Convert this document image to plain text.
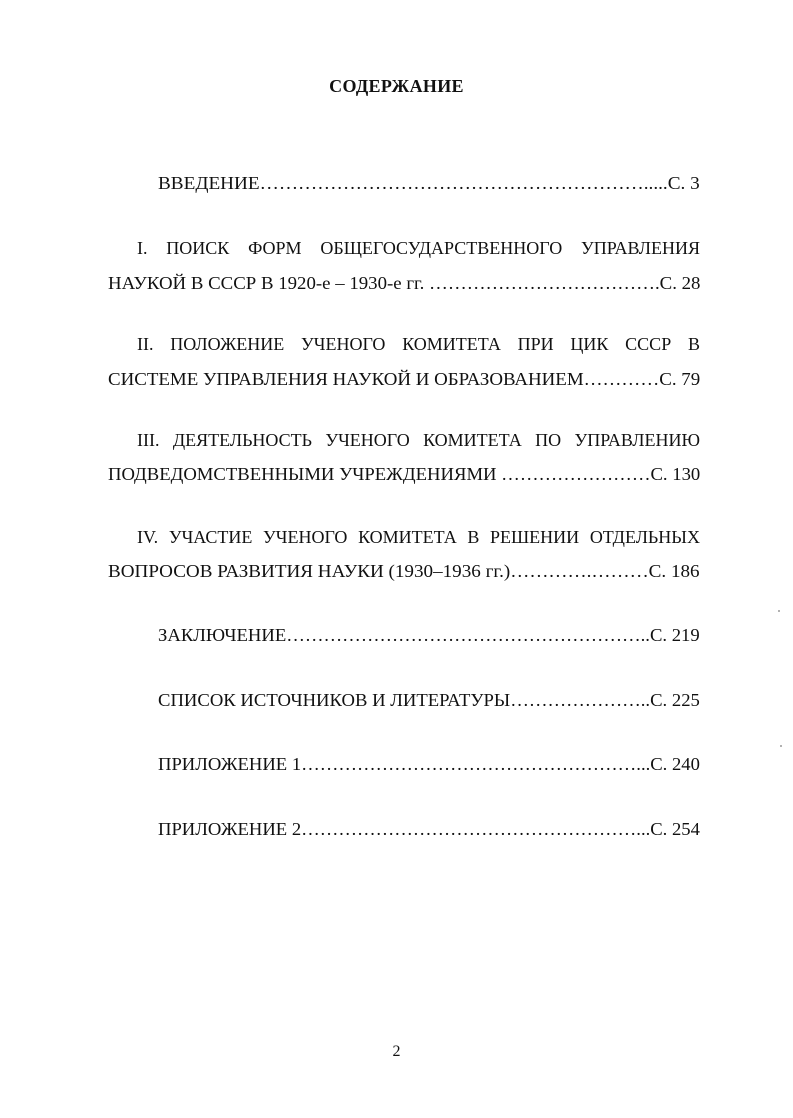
СОДЕРЖАНИЕ
ВВЕДЕНИЕ…………………………………………………….....С. 3
I. ПОИСК ФОРМ ОБЩЕГОСУДАРСТВЕННОГО УПРАВЛЕНИЯ
НАУКОЙ В СССР В 1920-е – 1930-е гг. ……………………………….С. 28
II. ПОЛОЖЕНИЕ УЧЕНОГО КОМИТЕТА ПРИ ЦИК СССР В
СИСТЕМЕ УПРАВЛЕНИЯ НАУКОЙ И ОБРАЗОВАНИЕМ…………С. 79
III. ДЕЯТЕЛЬНОСТЬ УЧЕНОГО КОМИТЕТА ПО УПРАВЛЕНИЮ
ПОДВЕДОМСТВЕННЫМИ УЧРЕЖДЕНИЯМИ ……………………С. 130
IV. УЧАСТИЕ УЧЕНОГО КОМИТЕТА В РЕШЕНИИ ОТДЕЛЬНЫХ
ВОПРОСОВ РАЗВИТИЯ НАУКИ (1930–1936 гг.)………….………С. 186
ЗАКЛЮЧЕНИЕ…………………………………………………..С. 219
СПИСОК ИСТОЧНИКОВ И ЛИТЕРАТУРЫ…………………..С. 225
ПРИЛОЖЕНИЕ 1………………………………………………...С. 240
ПРИЛОЖЕНИЕ 2………………………………………………...С. 254
2
